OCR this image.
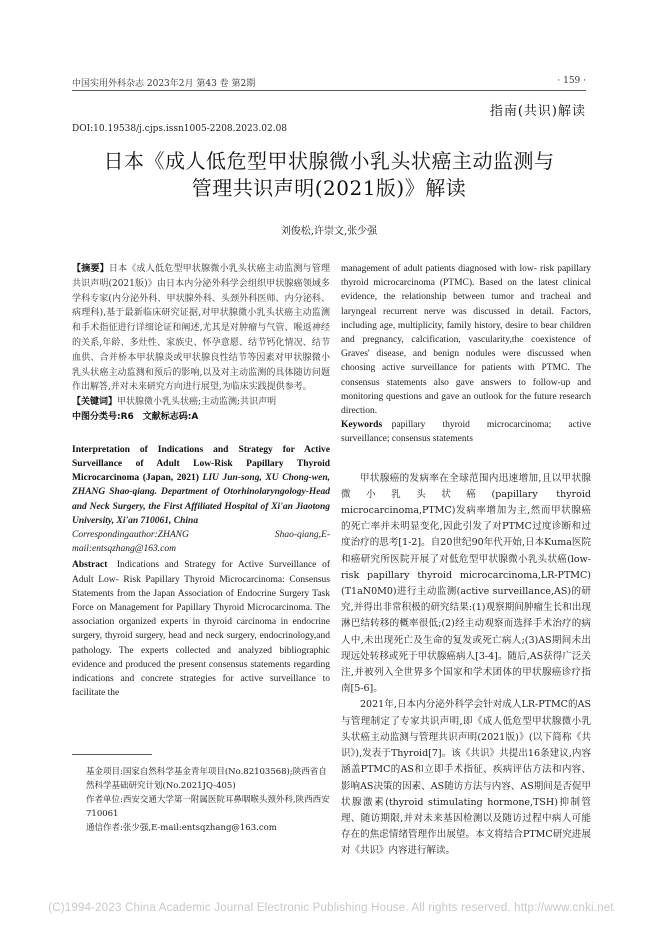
中国实用外科杂志 2023年2月 第43 卷 第2期	· 159 ·
指南(共识)解读
DOI:10.19538/j.cjps.issn1005-2208.2023.02.08
日本《成人低危型甲状腺微小乳头状癌主动监测与
管理共识声明(2021版)》解读
刘俊松,许崇文,张少强
【摘要】日本《成人低危型甲状腺微小乳头状癌主动监测与管理共识声明(2021版)》由日本内分泌外科学会组织甲状腺癌领域多学科专家(内分泌外科、甲状腺外科、头颈外科医师、内分泌科、病理科),基于最新临床研究证据,对甲状腺微小乳头状癌主动监测和手术指征进行详细论证和阐述,尤其是对肿瘤与气管、喉返神经的关系,年龄、多灶性、家族史、怀孕意愿、结节钙化情况、结节血供、合并桥本甲状腺炎或甲状腺良性结节等因素对甲状腺微小乳头状癌主动监测和预后的影响,以及对主动监测的具体随访问题作出解答,并对未来研究方向进行展望,为临床实践提供参考。
【关键词】甲状腺微小乳头状癌;主动监测;共识声明
中图分类号:R6　文献标志码:A
Interpretation of Indications and Strategy for Active Surveillance of Adult Low-Risk Papillary Thyroid Microcarcinoma (Japan, 2021) LIU Jun-song, XU Chong-wen, ZHANG Shao-qiang. Department of Otorhinolaryngology-Head and Neck Surgery, the First Affiliated Hospital of Xi'an Jiaotong University, Xi'an 710061, China
Correspondingauthor:ZHANG Shao-qiang,E-mail:entsqzhang@163.com
Abstract  Indications and Strategy for Active Surveillance of Adult Low- Risk Papillary Thyroid Microcarcinoma: Consensus Statements from the Japan Association of Endocrine Surgery Task Force on Management for Papillary Thyroid Microcarcinoma. The association organized experts in thyroid carcinoma in endocrine surgery, thyroid surgery, head and neck surgery, endocrinology,and pathology. The experts collected and analyzed bibliographic evidence and produced the present consensus statements regarding indications and concrete strategies for active surveillance to facilitate the
基金项目:国家自然科学基金青年项目(No.82103568);陕西省自然科学基础研究计划(No.2021JQ-405)
作者单位:西安交通大学第一附属医院耳鼻咽喉头颈外科,陕西西安 710061
通信作者:张少强,E-mail:entsqzhang@163.com
management of adult patients diagnosed with low- risk papillary thyroid microcarcinoma (PTMC). Based on the latest clinical evidence, the relationship between tumor and tracheal and laryngeal recurrent nerve was discussed in detail. Factors, including age, multiplicity, family history, desire to bear children and pregnancy, calcification, vascularity,the coexistence of Graves' disease, and benign nodules were discussed when choosing active surveillance for patients with PTMC. The consensus statements also gave answers to follow-up and monitoring questions and gave an outlook for the future research direction.
Keywords  papillary thyroid microcarcinoma; active surveillance; consensus statements

甲状腺癌的发病率在全球范围内迅速增加,且以甲状腺微小乳头状癌(papillary thyroid microcarcinoma,PTMC)发病率增加为主,然而甲状腺癌的死亡率并未明显变化,因此引发了对PTMC过度诊断和过度治疗的思考[1-2]。自20世纪90年代开始,日本Kuma医院和癌研究所医院开展了对低危型甲状腺微小乳头状癌(low-risk papillary thyroid microcarcinoma,LR-PTMC)(T1aN0M0)进行主动监测(active surveillance,AS)的研究,并得出非常积极的研究结果:(1)观察期间肿瘤生长和出现淋巴结转移的概率很低;(2)经主动观察而选择手术治疗的病人中,未出现死亡及生命的复发或死亡病人;(3)AS期间未出现远处转移或死于甲状腺癌病人[3-4]。随后,AS获得广泛关注,并被列入全世界多个国家和学术团体的甲状腺癌诊疗指南[5-6]。

2021年,日本内分泌外科学会针对成人LR-PTMC的AS与管理制定了专家共识声明,即《成人低危型甲状腺微小乳头状癌主动监测与管理共识声明(2021版)》(以下简称《共识》),发表于Thyroid[7]。该《共识》共提出16条建议,内容涵盖PTMC的AS和立即手术指征、疾病评估方法和内容、影响AS决策的因素、AS随访方法与内容、AS期间是否促甲状腺激素(thyroid stimulating hormone,TSH)抑制管理、随访期限,并对未来基因检测以及随访过程中病人可能存在的焦虑情绪管理作出展望。本文将结合PTMC研究进展对《共识》内容进行解读。

(C)1994-2023 China Academic Journal Electronic Publishing House. All rights reserved. http://www.cnki.net
